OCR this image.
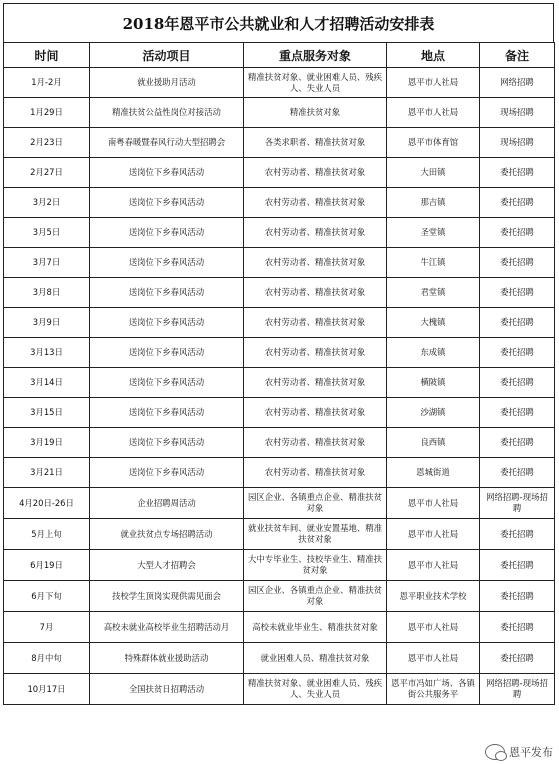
2018年恩平市公共就业和人才招聘活动安排表
时间	活动项目	重点服务对象	地点	备注
1月-2月	就业援助月活动	精准扶贫对象、就业困难人员、残疾人、失业人员	恩平市人社局	网络招聘
1月29日	精准扶贫公益性岗位对接活动	精准扶贫对象	恩平市人社局	现场招聘
2月23日	南粤春暖暨春风行动大型招聘会	各类求职者、精准扶贫对象	恩平市体育馆	现场招聘
2月27日	送岗位下乡春风活动	农村劳动者、精准扶贫对象	大田镇	委托招聘
3月2日	送岗位下乡春风活动	农村劳动者、精准扶贫对象	那吉镇	委托招聘
3月5日	送岗位下乡春风活动	农村劳动者、精准扶贫对象	圣堂镇	委托招聘
3月7日	送岗位下乡春风活动	农村劳动者、精准扶贫对象	牛江镇	委托招聘
3月8日	送岗位下乡春风活动	农村劳动者、精准扶贫对象	君堂镇	委托招聘
3月9日	送岗位下乡春风活动	农村劳动者、精准扶贫对象	大槐镇	委托招聘
3月13日	送岗位下乡春风活动	农村劳动者、精准扶贫对象	东成镇	委托招聘
3月14日	送岗位下乡春风活动	农村劳动者、精准扶贫对象	横陂镇	委托招聘
3月15日	送岗位下乡春风活动	农村劳动者、精准扶贫对象	沙湖镇	委托招聘
3月19日	送岗位下乡春风活动	农村劳动者、精准扶贫对象	良西镇	委托招聘
3月21日	送岗位下乡春风活动	农村劳动者、精准扶贫对象	恩城街道	委托招聘
4月20日-26日	企业招聘周活动	园区企业、各镇重点企业、精准扶贫对象	恩平市人社局	网络招聘-现场招聘
5月上旬	就业扶贫点专场招聘活动	就业扶贫车间、就业安置基地、精准扶贫对象	恩平市人社局	委托招聘
6月19日	大型人才招聘会	大中专毕业生、技校毕业生、精准扶贫对象	恩平市人社局	委托招聘
6月下旬	技校学生顶岗实现供需见面会	园区企业、各镇重点企业、精准扶贫对象	恩平职业技术学校	委托招聘
7月	高校未就业高校毕业生招聘活动月	高校未就业毕业生、精准扶贫对象	恩平市人社局	委托招聘
8月中旬	特殊群体就业援助活动	就业困难人员、精准扶贫对象	恩平市人社局	委托招聘
10月17日	全国扶贫日招聘活动	精准扶贫对象、就业困难人员、残疾人、失业人员	恩平市冯如广场、各镇街公共服务平	网络招聘-现场招聘
恩平发布
